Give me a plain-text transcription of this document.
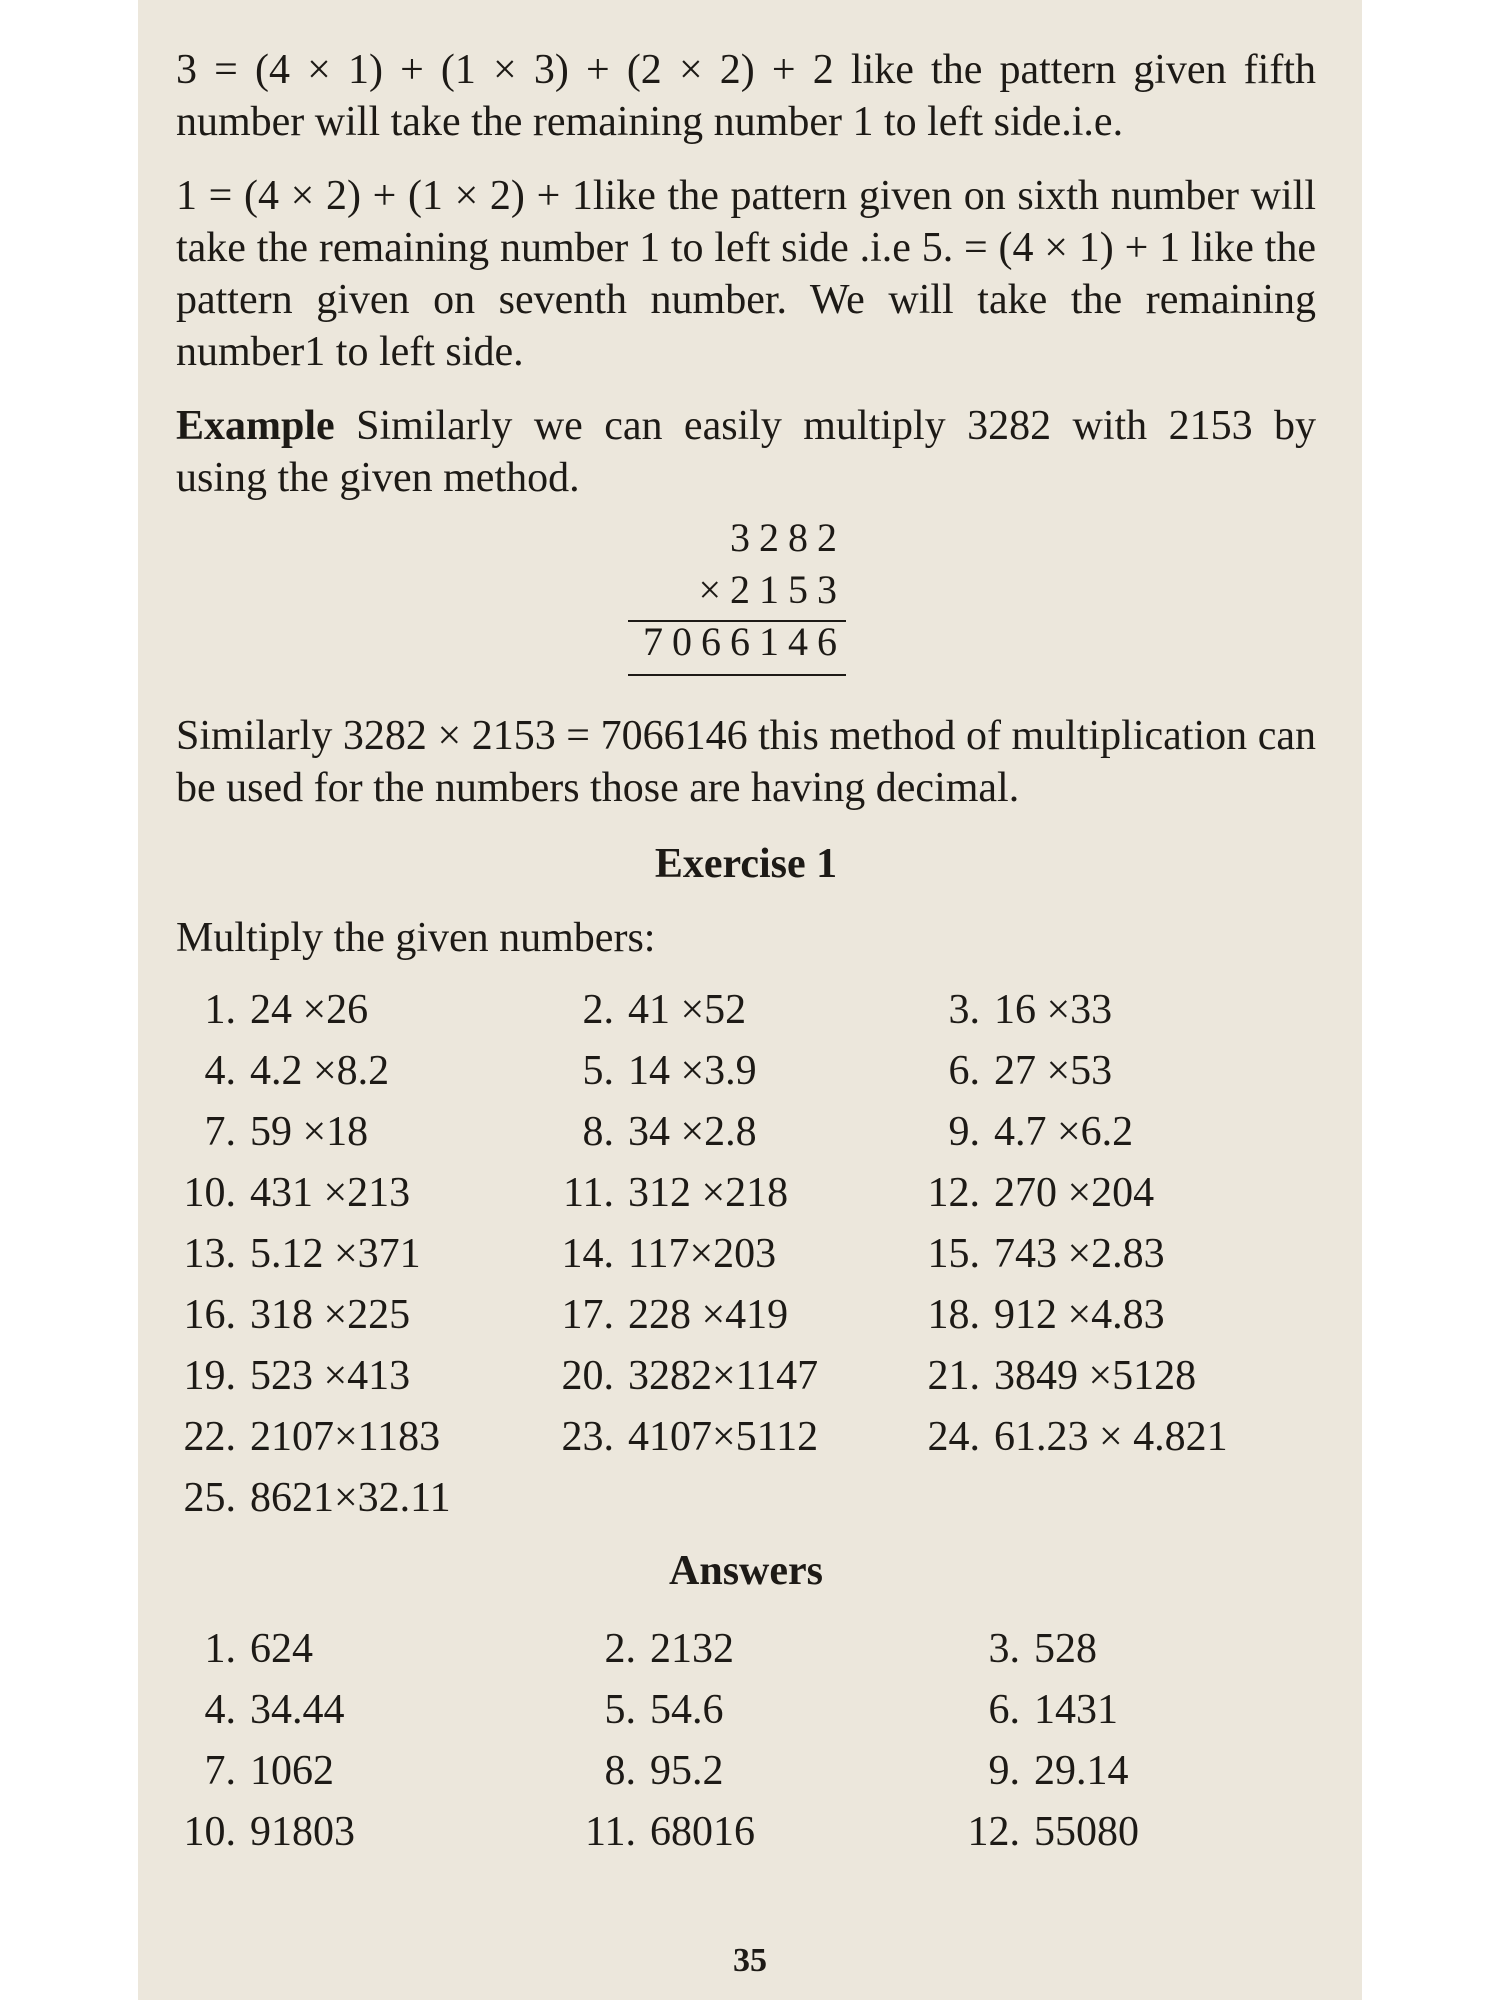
3 = (4 × 1) + (1 × 3) + (2 × 2) + 2 like the pattern given fifth number will take the remaining number 1 to left side.i.e.

1 = (4 × 2) + (1 × 2) + 1like the pattern given on sixth number will take the remaining number 1 to left side .i.e 5. = (4 × 1) + 1 like the pattern given on seventh number. We will take the remaining number1 to left side.

Example Similarly we can easily multiply 3282 with 2153 by using the given method.

3282
×2153
7066146

Similarly 3282 × 2153 = 7066146 this method of multiplication can be used for the numbers those are having decimal.

Exercise 1
Multiply the given numbers:
1. 24 ×26	2. 41 ×52	3. 16 ×33
4. 4.2 ×8.2	5. 14 ×3.9	6. 27 ×53
7. 59 ×18	8. 34 ×2.8	9. 4.7 ×6.2
10. 431 ×213	11. 312 ×218	12. 270 ×204
13. 5.12 ×371	14. 117×203	15. 743 ×2.83
16. 318 ×225	17. 228 ×419	18. 912 ×4.83
19. 523 ×413	20. 3282×1147	21. 3849 ×5128
22. 2107×1183	23. 4107×5112	24. 61.23 × 4.821
25. 8621×32.11
Answers
1. 624	2. 2132	3. 528
4. 34.44	5. 54.6	6. 1431
7. 1062	8. 95.2	9. 29.14
10. 91803	11. 68016	12. 55080
35
